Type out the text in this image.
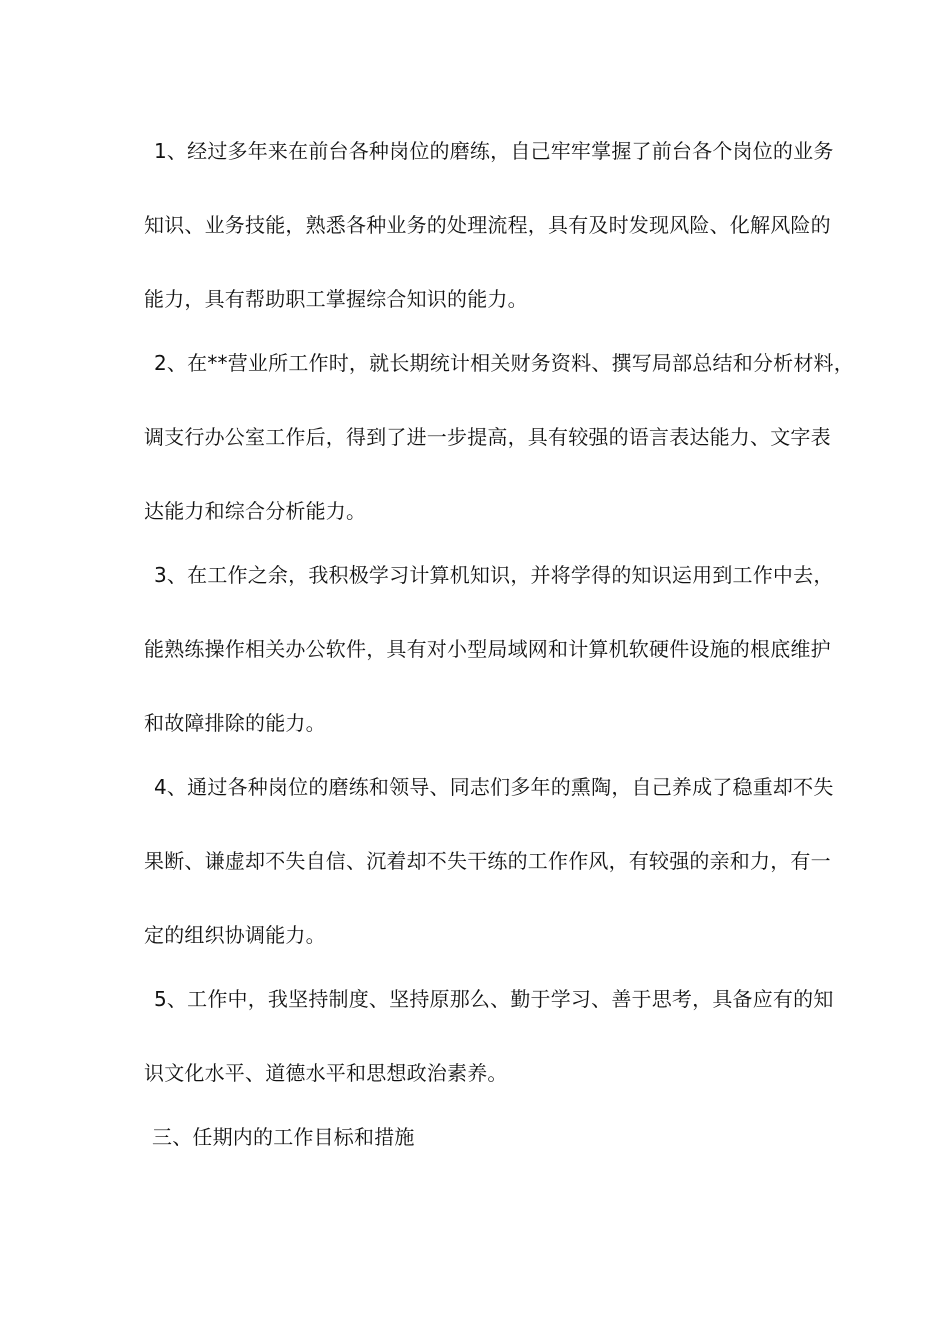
1、经过多年来在前台各种岗位的磨练，自己牢牢掌握了前台各个岗位的业务
知识、业务技能，熟悉各种业务的处理流程，具有及时发现风险、化解风险的
能力，具有帮助职工掌握综合知识的能力。
2、在**营业所工作时，就长期统计相关财务资料、撰写局部总结和分析材料，
调支行办公室工作后，得到了进一步提高，具有较强的语言表达能力、文字表
达能力和综合分析能力。
3、在工作之余，我积极学习计算机知识，并将学得的知识运用到工作中去，
能熟练操作相关办公软件，具有对小型局域网和计算机软硬件设施的根底维护
和故障排除的能力。
4、通过各种岗位的磨练和领导、同志们多年的熏陶，自己养成了稳重却不失
果断、谦虚却不失自信、沉着却不失干练的工作作风，有较强的亲和力，有一
定的组织协调能力。
5、工作中，我坚持制度、坚持原那么、勤于学习、善于思考，具备应有的知
识文化水平、道德水平和思想政治素养。
三、任期内的工作目标和措施
